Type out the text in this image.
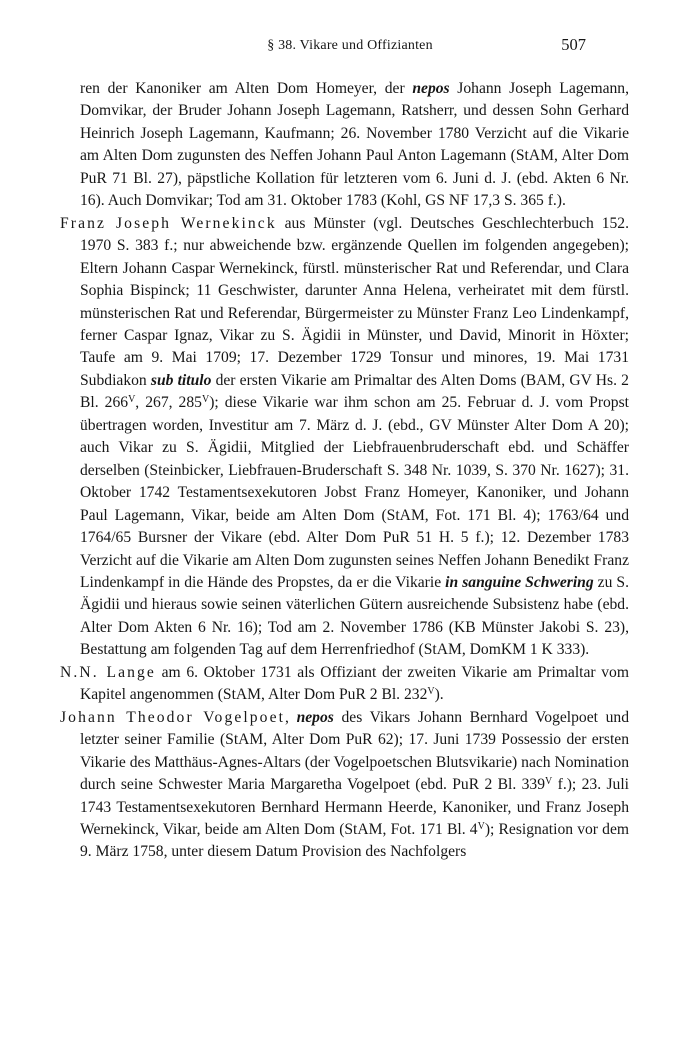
§ 38. Vikare und Offizianten	507

ren der Kanoniker am Alten Dom Homeyer, der nepos Johann Joseph Lagemann, Domvikar, der Bruder Johann Joseph Lagemann, Ratsherr, und dessen Sohn Gerhard Heinrich Joseph Lagemann, Kaufmann; 26. November 1780 Verzicht auf die Vikarie am Alten Dom zugunsten des Neffen Johann Paul Anton Lagemann (StAM, Alter Dom PuR 71 Bl. 27), päpstliche Kollation für letzteren vom 6. Juni d. J. (ebd. Akten 6 Nr. 16). Auch Domvikar; Tod am 31. Oktober 1783 (Kohl, GS NF 17,3 S. 365 f.).

Franz Joseph Wernekinck aus Münster (vgl. Deutsches Geschlechterbuch 152. 1970 S. 383 f.; nur abweichende bzw. ergänzende Quellen im folgenden angegeben); Eltern Johann Caspar Wernekinck, fürstl. münsterischer Rat und Referendar, und Clara Sophia Bispinck; 11 Geschwister, darunter Anna Helena, verheiratet mit dem fürstl. münsterischen Rat und Referendar, Bürgermeister zu Münster Franz Leo Lindenkampf, ferner Caspar Ignaz, Vikar zu S. Ägidii in Münster, und David, Minorit in Höxter; Taufe am 9. Mai 1709; 17. Dezember 1729 Tonsur und minores, 19. Mai 1731 Subdiakon sub titulo der ersten Vikarie am Primaltar des Alten Doms (BAM, GV Hs. 2 Bl. $266^V$, 267, $285^V$); diese Vikarie war ihm schon am 25. Februar d. J. vom Propst übertragen worden, Investitur am 7. März d. J. (ebd., GV Münster Alter Dom A 20); auch Vikar zu S. Ägidii, Mitglied der Liebfrauenbruderschaft ebd. und Schäffer derselben (Steinbicker, Liebfrauen-Bruderschaft S. 348 Nr. 1039, S. 370 Nr. 1627); 31. Oktober 1742 Testamentsexekutoren Jobst Franz Homeyer, Kanoniker, und Johann Paul Lagemann, Vikar, beide am Alten Dom (StAM, Fot. 171 Bl. 4); 1763/64 und 1764/65 Bursner der Vikare (ebd. Alter Dom PuR 51 H. 5 f.); 12. Dezember 1783 Verzicht auf die Vikarie am Alten Dom zugunsten seines Neffen Johann Benedikt Franz Lindenkampf in die Hände des Propstes, da er die Vikarie in sanguine Schwering zu S. Ägidii und hieraus sowie seinen väterlichen Gütern ausreichende Subsistenz habe (ebd. Alter Dom Akten 6 Nr. 16); Tod am 2. November 1786 (KB Münster Jakobi S. 23), Bestattung am folgenden Tag auf dem Herrenfriedhof (StAM, DomKM 1 K 333).

N.N. Lange am 6. Oktober 1731 als Offiziant der zweiten Vikarie am Primaltar vom Kapitel angenommen (StAM, Alter Dom PuR 2 Bl. $232^V$).

Johann Theodor Vogelpoet, nepos des Vikars Johann Bernhard Vogelpoet und letzter seiner Familie (StAM, Alter Dom PuR 62); 17. Juni 1739 Possessio der ersten Vikarie des Matthäus-Agnes-Altars (der Vogelpoetschen Blutsvikarie) nach Nomination durch seine Schwester Maria Margaretha Vogelpoet (ebd. PuR 2 Bl. $339^V$ f.); 23. Juli 1743 Testamentsexekutoren Bernhard Hermann Heerde, Kanoniker, und Franz Joseph Wernekinck, Vikar, beide am Alten Dom (StAM, Fot. 171 Bl. $4^V$); Resignation vor dem 9. März 1758, unter diesem Datum Provision des Nachfolgers
